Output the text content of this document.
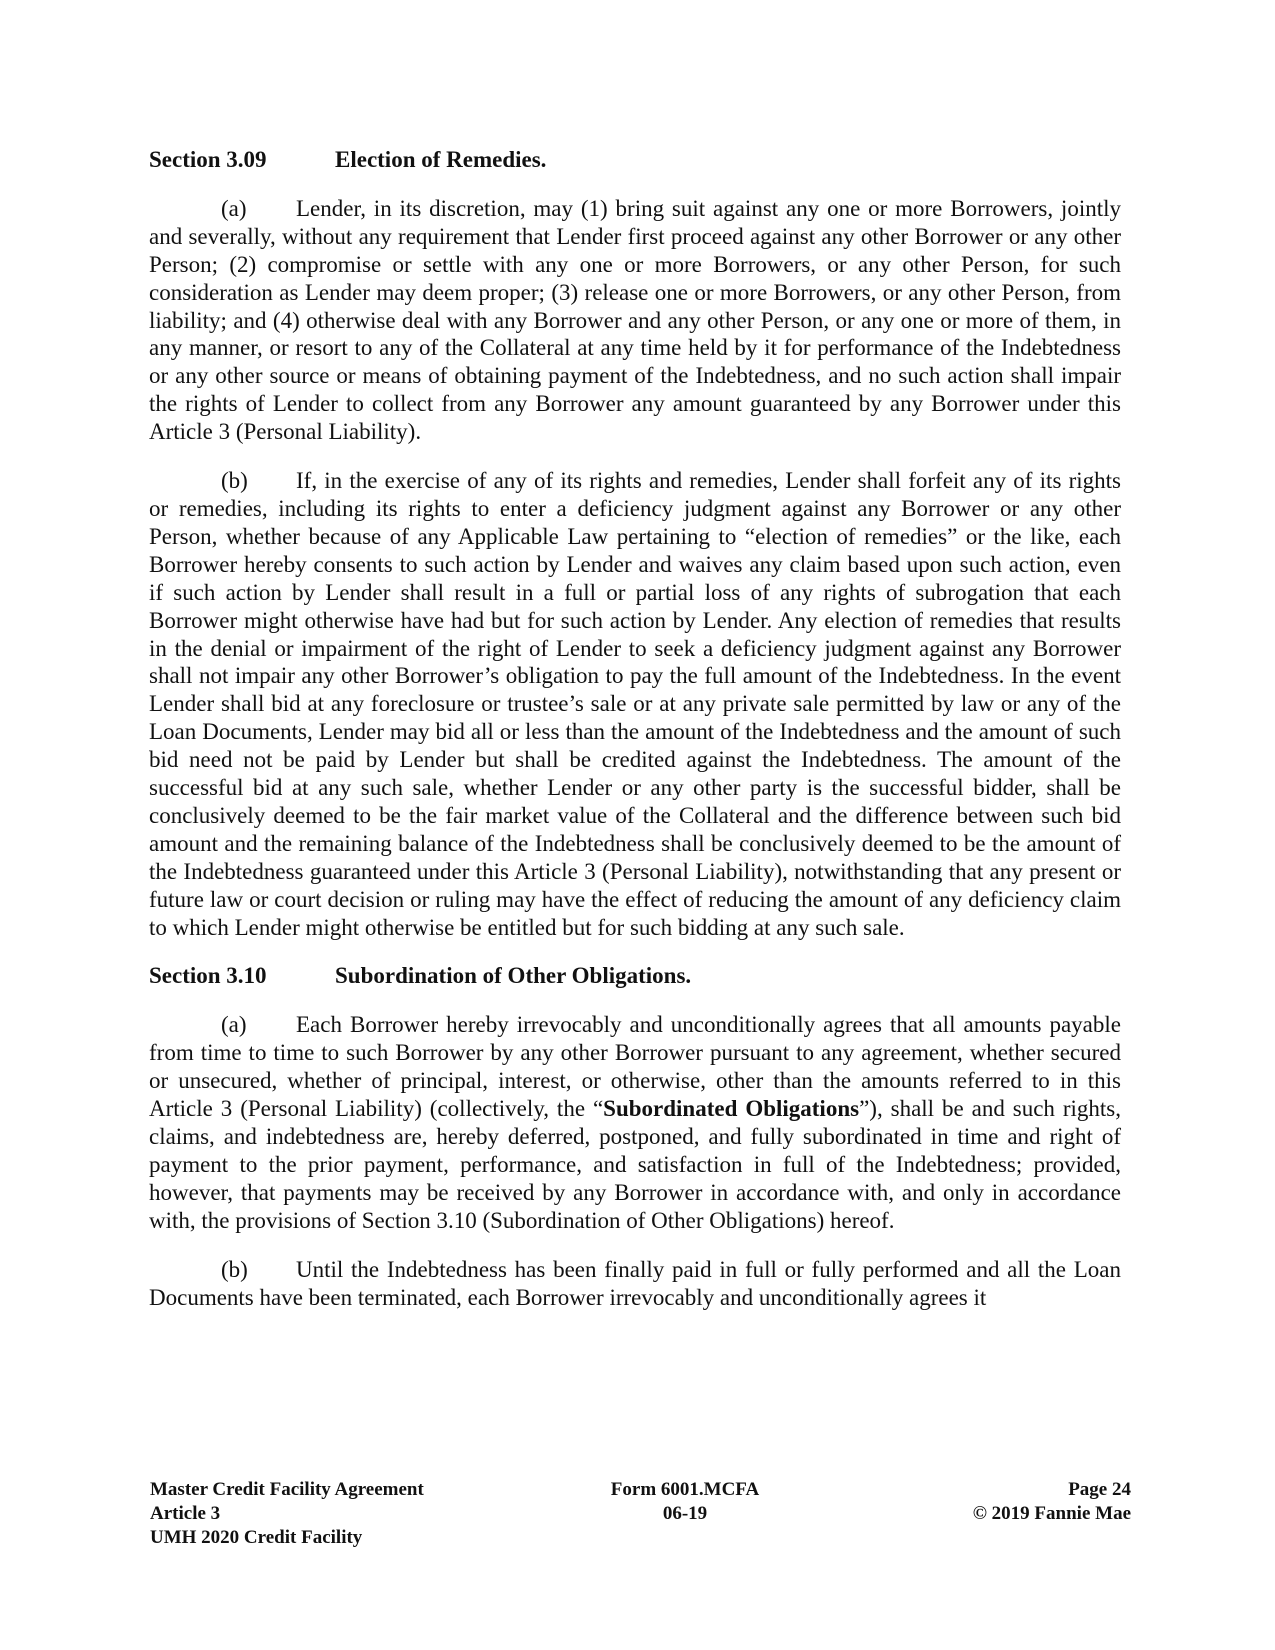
Section 3.09	Election of Remedies.

(a) Lender, in its discretion, may (1) bring suit against any one or more Borrowers, jointly and severally, without any requirement that Lender first proceed against any other Borrower or any other Person; (2) compromise or settle with any one or more Borrowers, or any other Person, for such consideration as Lender may deem proper; (3) release one or more Borrowers, or any other Person, from liability; and (4) otherwise deal with any Borrower and any other Person, or any one or more of them, in any manner, or resort to any of the Collateral at any time held by it for performance of the Indebtedness or any other source or means of obtaining payment of the Indebtedness, and no such action shall impair the rights of Lender to collect from any Borrower any amount guaranteed by any Borrower under this Article 3 (Personal Liability).

(b) If, in the exercise of any of its rights and remedies, Lender shall forfeit any of its rights or remedies, including its rights to enter a deficiency judgment against any Borrower or any other Person, whether because of any Applicable Law pertaining to “election of remedies” or the like, each Borrower hereby consents to such action by Lender and waives any claim based upon such action, even if such action by Lender shall result in a full or partial loss of any rights of subrogation that each Borrower might otherwise have had but for such action by Lender. Any election of remedies that results in the denial or impairment of the right of Lender to seek a deficiency judgment against any Borrower shall not impair any other Borrower’s obligation to pay the full amount of the Indebtedness. In the event Lender shall bid at any foreclosure or trustee’s sale or at any private sale permitted by law or any of the Loan Documents, Lender may bid all or less than the amount of the Indebtedness and the amount of such bid need not be paid by Lender but shall be credited against the Indebtedness. The amount of the successful bid at any such sale, whether Lender or any other party is the successful bidder, shall be conclusively deemed to be the fair market value of the Collateral and the difference between such bid amount and the remaining balance of the Indebtedness shall be conclusively deemed to be the amount of the Indebtedness guaranteed under this Article 3 (Personal Liability), notwithstanding that any present or future law or court decision or ruling may have the effect of reducing the amount of any deficiency claim to which Lender might otherwise be entitled but for such bidding at any such sale.

Section 3.10	Subordination of Other Obligations.

(a) Each Borrower hereby irrevocably and unconditionally agrees that all amounts payable from time to time to such Borrower by any other Borrower pursuant to any agreement, whether secured or unsecured, whether of principal, interest, or otherwise, other than the amounts referred to in this Article 3 (Personal Liability) (collectively, the “Subordinated Obligations”), shall be and such rights, claims, and indebtedness are, hereby deferred, postponed, and fully subordinated in time and right of payment to the prior payment, performance, and satisfaction in full of the Indebtedness; provided, however, that payments may be received by any Borrower in accordance with, and only in accordance with, the provisions of Section 3.10 (Subordination of Other Obligations) hereof.

(b) Until the Indebtedness has been finally paid in full or fully performed and all the Loan Documents have been terminated, each Borrower irrevocably and unconditionally agrees it

Master Credit Facility Agreement
Article 3
UMH 2020 Credit Facility
Form 6001.MCFA
06-19
Page 24
© 2019 Fannie Mae
